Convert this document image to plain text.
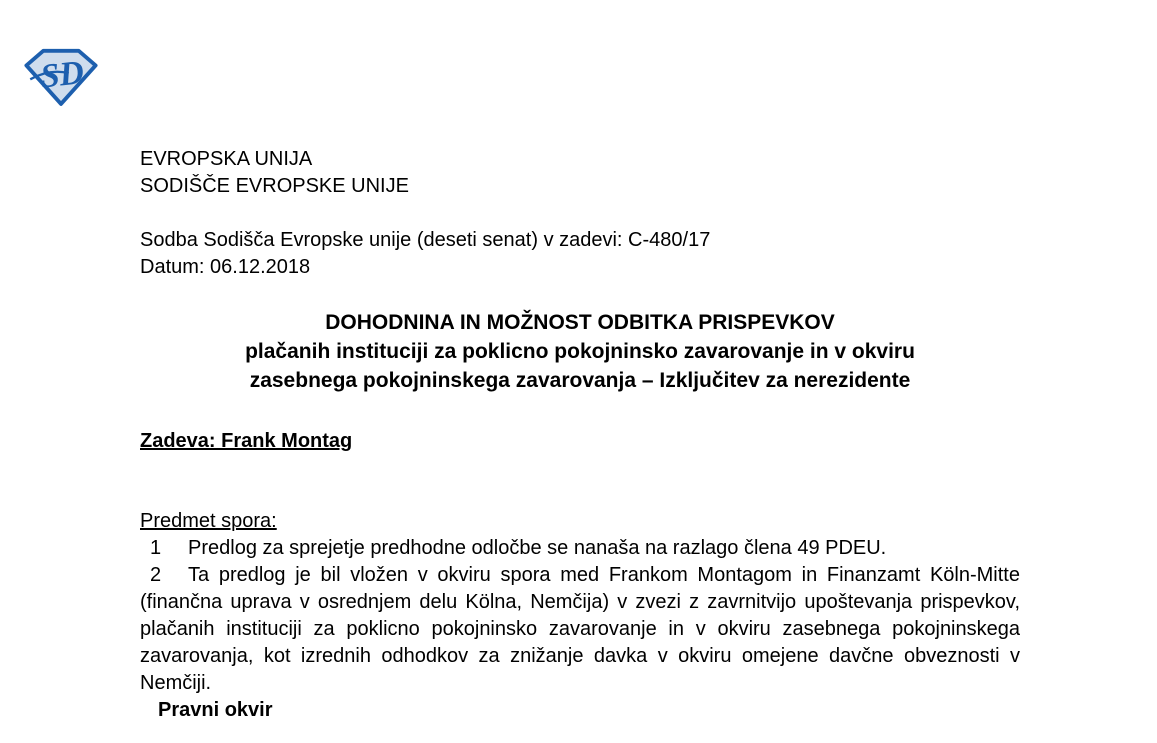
SD
EVROPSKA UNIJA
SODIŠČE EVROPSKE UNIJE
Sodba Sodišča Evropske unije (deseti senat) v zadevi: C-480/17
Datum: 06.12.2018
DOHODNINA IN MOŽNOST ODBITKA PRISPEVKOV
plačanih instituciji za poklicno pokojninsko zavarovanje in v okviru
zasebnega pokojninskega zavarovanja – Izključitev za nerezidente
Zadeva: Frank Montag
Predmet spora:
1 Predlog za sprejetje predhodne odločbe se nanaša na razlago člena 49 PDEU.
2 Ta predlog je bil vložen v okviru spora med Frankom Montagom in Finanzamt Köln-Mitte (finančna uprava v osrednjem delu Kölna, Nemčija) v zvezi z zavrnitvijo upoštevanja prispevkov, plačanih instituciji za poklicno pokojninsko zavarovanje in v okviru zasebnega pokojninskega zavarovanja, kot izrednih odhodkov za znižanje davka v okviru omejene davčne obveznosti v Nemčiji.
Pravni okvir
